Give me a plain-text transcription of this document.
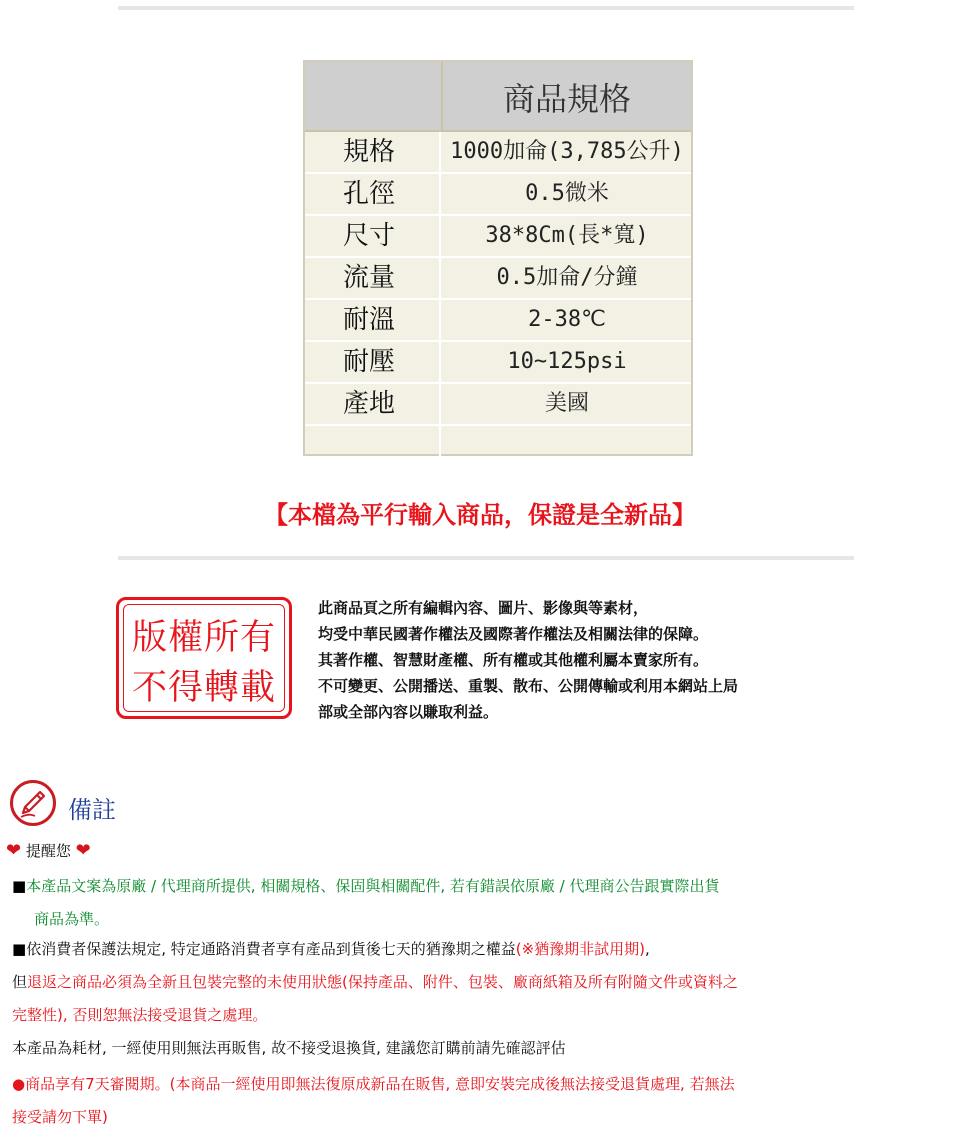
商品規格
規格	1000加侖(3,785公升)
孔徑	0.5微米
尺寸	38*8Cm(長*寬)
流量	0.5加侖/分鐘
耐溫	2-38℃
耐壓	10~125psi
產地	美國
【本檔為平行輸入商品，保證是全新品】
版權所有
不得轉載
此商品頁之所有編輯內容、圖片、影像與等素材，
均受中華民國著作權法及國際著作權法及相關法律的保障。
其著作權、智慧財產權、所有權或其他權利屬本賣家所有。
不可變更、公開播送、重製、散布、公開傳輸或利用本網站上局
部或全部內容以賺取利益。
備註
❤ 提醒您 ❤
■本產品文案為原廠 / 代理商所提供, 相關規格、保固與相關配件, 若有錯誤依原廠 / 代理商公告跟實際出貨
商品為準。
■依消費者保護法規定, 特定通路消費者享有產品到貨後七天的猶豫期之權益(※猶豫期非試用期),
但退返之商品必須為全新且包裝完整的未使用狀態(保持產品、附件、包裝、廠商紙箱及所有附隨文件或資料之
完整性), 否則恕無法接受退貨之處理。
本產品為耗材, 一經使用則無法再販售, 故不接受退換貨, 建議您訂購前請先確認評估
●商品享有7天審閱期。(本商品一經使用即無法復原成新品在販售, 意即安裝完成後無法接受退貨處理, 若無法
接受請勿下單)
